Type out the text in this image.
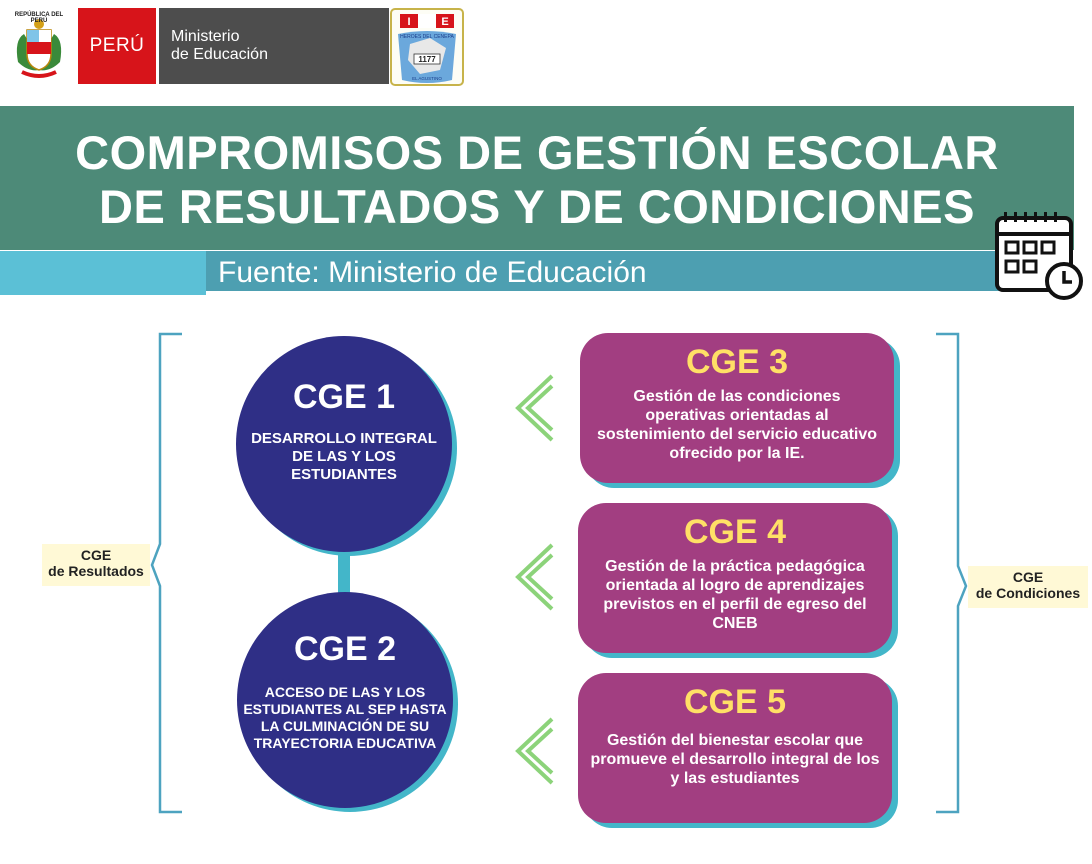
REPÚBLICA DEL PERÚ
PERÚ	Ministerio
de Educación
I	E
HEROES DEL CENEPA
1177
EL AGUSTINO
COMPROMISOS DE GESTIÓN ESCOLAR
DE RESULTADOS Y DE CONDICIONES
Fuente: Ministerio de Educación
CGE
de Resultados	CGE
de Condiciones
CGE 1
DESARROLLO INTEGRAL DE LAS Y LOS ESTUDIANTES
CGE 2
ACCESO DE LAS Y LOS ESTUDIANTES AL SEP HASTA LA CULMINACIÓN DE SU TRAYECTORIA EDUCATIVA
CGE 3
Gestión de las condiciones operativas orientadas al sostenimiento del servicio educativo ofrecido por la IE.
CGE 4
Gestión de la práctica pedagógica orientada al logro de aprendizajes previstos en el perfil de egreso del CNEB
CGE 5
Gestión del bienestar escolar que promueve el desarrollo integral de los y las estudiantes
